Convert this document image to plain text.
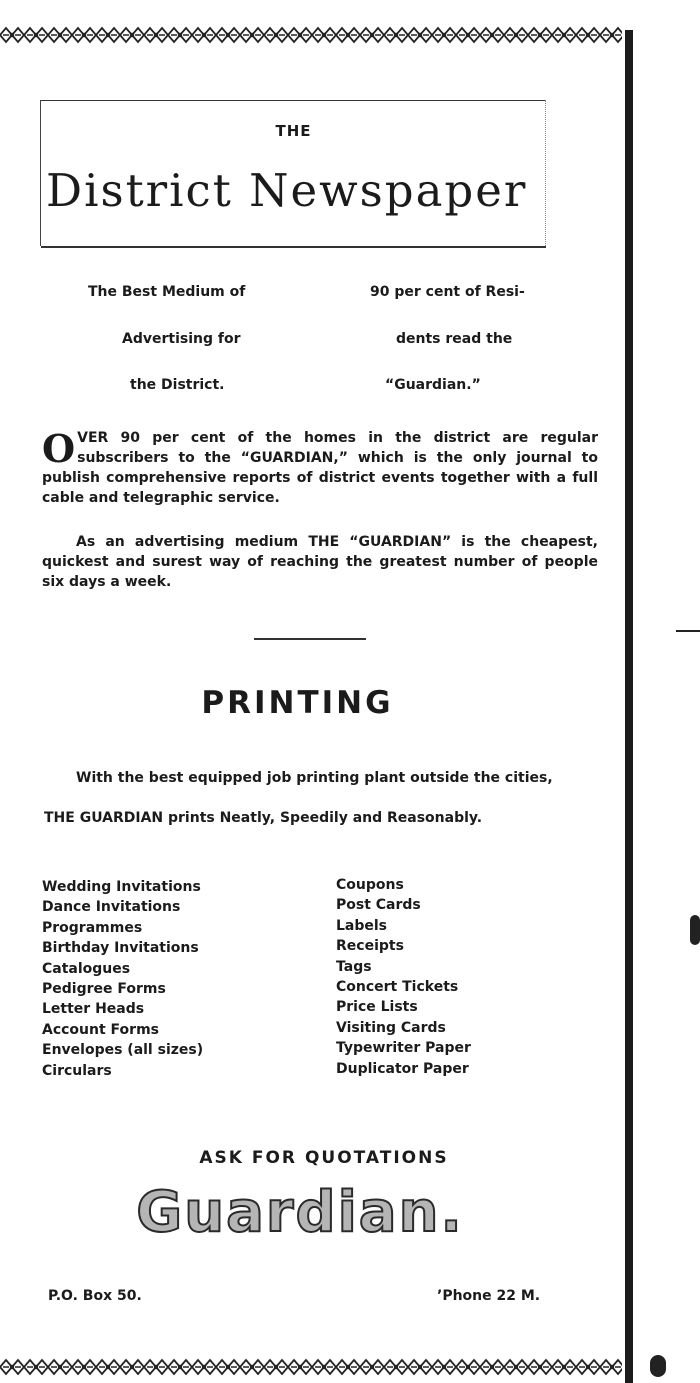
THE
District Newspaper
The Best Medium of
Advertising for
the District.
90 per cent of Resi-
dents read the
“Guardian.”

OVER 90 per cent of the homes in the district are regular subscribers to the “GUARDIAN,” which is the only journal to publish comprehensive reports of district events together with a full cable and telegraphic service.

As an advertising medium THE “GUARDIAN” is the cheapest, quickest and surest way of reaching the greatest number of people six days a week.

PRINTING
With the best equipped job printing plant outside the cities,
THE GUARDIAN prints Neatly, Speedily and Reasonably.
Wedding Invitations
Dance Invitations
Programmes
Birthday Invitations
Catalogues
Pedigree Forms
Letter Heads
Account Forms
Envelopes (all sizes)
Circulars
Coupons
Post Cards
Labels
Receipts
Tags
Concert Tickets
Price Lists
Visiting Cards
Typewriter Paper
Duplicator Paper
ASK FOR QUOTATIONS
Guardian.
P.O. Box 50.	’Phone 22 M.
